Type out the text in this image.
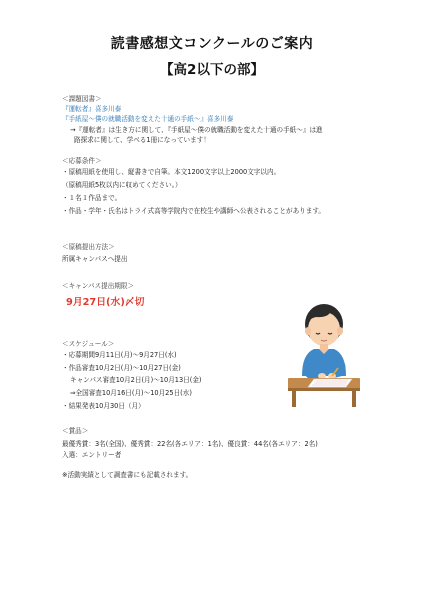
読書感想文コンクールのご案内
【高2以下の部】
＜課題図書＞
『運転者』喜多川泰
『手紙屋～僕の就職活動を変えた十通の手紙～』喜多川泰
→『運転者』は生き方に関して、『手紙屋～僕の就職活動を変えた十通の手紙～』は進
路探求に関して、学べる1冊になっています！
＜応募条件＞
・原稿用紙を使用し、縦書きで自筆。本文1200文字以上2000文字以内。
（原稿用紙5枚以内に収めてください。）
・１名１作品まで。
・作品・学年・氏名はトライ式高等学院内で在校生や講師へ公表されることがあります。
＜原稿提出方法＞
所属キャンパスへ提出
＜キャンパス提出期限＞
9月27日(水)〆切
＜スケジュール＞
・応募期間9月11日(月)～9月27日(水)
・作品審査10月2日(月)～10月27日(金)
キャンパス審査10月2日(月)～10月13日(金)
⇒全国審査10月16日(月)～10月25日(水)
・結果発表10月30日（月）
＜賞品＞
最優秀賞：3名(全国)、優秀賞：22名(各エリア：1名)、優良賞：44名(各エリア：2名)
入選：エントリー者
※活動実績として調査書にも記載されます。
